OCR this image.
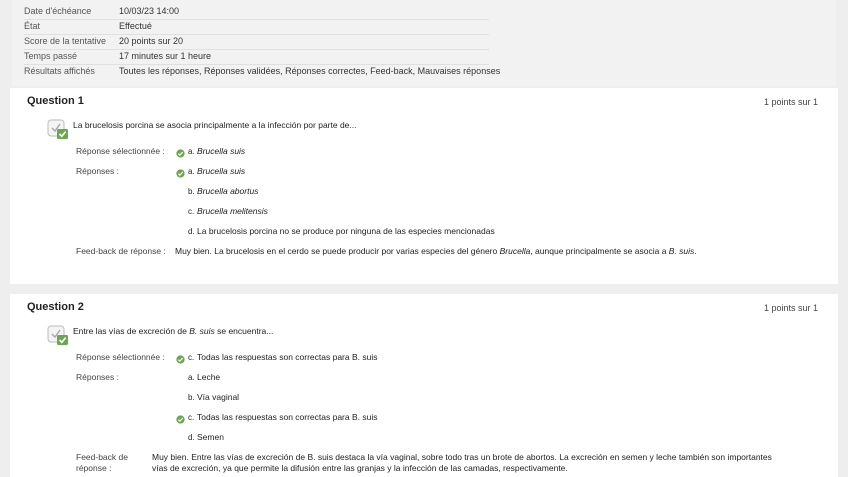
Date d'échéance	10/03/23 14:00
État	Effectué
Score de la tentative 20 points sur 20
Temps passé	17 minutes sur 1 heure
Résultats affichés	Toutes les réponses, Réponses validées, Réponses correctes, Feed-back, Mauvaises réponses
Question 1	1 points sur 1
La brucelosis porcina se asocia principalmente a la infección por parte de...
Réponse sélectionnée :	a. Brucella suis
Réponses :	a. Brucella suis
b. Brucella abortus
c. Brucella melitensis
d. La brucelosis porcina no se produce por ninguna de las especies mencionadas
Feed-back de réponse : Muy bien. La brucelosis en el cerdo se puede producir por varias especies del género Brucella, aunque principalmente se asocia a B. suis.
Question 2	1 points sur 1
Entre las vías de excreción de B. suis se encuentra...
Réponse sélectionnée :	c. Todas las respuestas son correctas para B. suis
Réponses :	a. Leche
b. Vía vaginal
c. Todas las respuestas son correctas para B. suis
d. Semen
Feed-back de
réponse :
Muy bien. Entre las vías de excreción de B. suis destaca la vía vaginal, sobre todo tras un brote de abortos. La excreción en semen y leche también son importantes
vías de excreción, ya que permite la difusión entre las granjas y la infección de las camadas, respectivamente.
